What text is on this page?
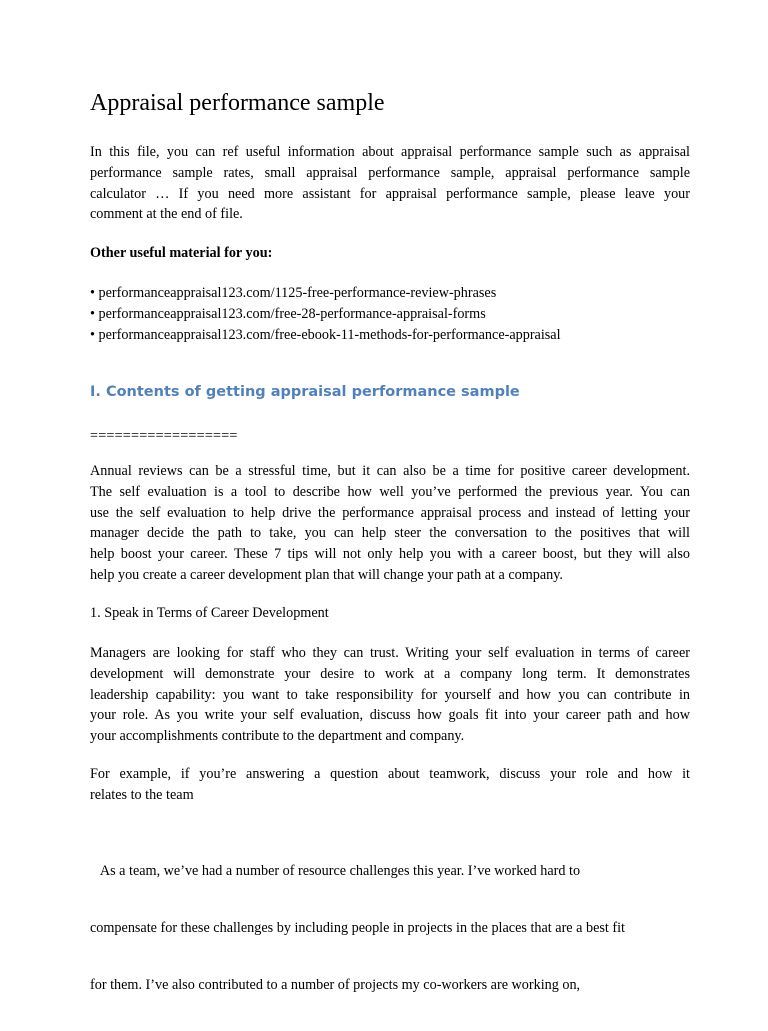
Appraisal performance sample
In this file, you can ref useful information about appraisal performance sample such as appraisal
performance sample rates, small appraisal performance sample, appraisal performance sample
calculator … If you need more assistant for appraisal performance sample, please leave your
comment at the end of file.
Other useful material for you:
• performanceappraisal123.com/1125-free-performance-review-phrases
• performanceappraisal123.com/free-28-performance-appraisal-forms
• performanceappraisal123.com/free-ebook-11-methods-for-performance-appraisal
I. Contents of getting appraisal performance sample
==================
Annual reviews can be a stressful time, but it can also be a time for positive career development.
The self evaluation is a tool to describe how well you’ve performed the previous year. You can
use the self evaluation to help drive the performance appraisal process and instead of letting your
manager decide the path to take, you can help steer the conversation to the positives that will
help boost your career. These 7 tips will not only help you with a career boost, but they will also
help you create a career development plan that will change your path at a company.
1. Speak in Terms of Career Development
Managers are looking for staff who they can trust. Writing your self evaluation in terms of career
development will demonstrate your desire to work at a company long term. It demonstrates
leadership capability: you want to take responsibility for yourself and how you can contribute in
your role. As you write your self evaluation, discuss how goals fit into your career path and how
your accomplishments contribute to the department and company.
For example, if you’re answering a question about teamwork, discuss your role and how it
relates to the team

As a team, we’ve had a number of resource challenges this year. I’ve worked hard to

compensate for these challenges by including people in projects in the places that are a best fit

for them. I’ve also contributed to a number of projects my co-workers are working on,
